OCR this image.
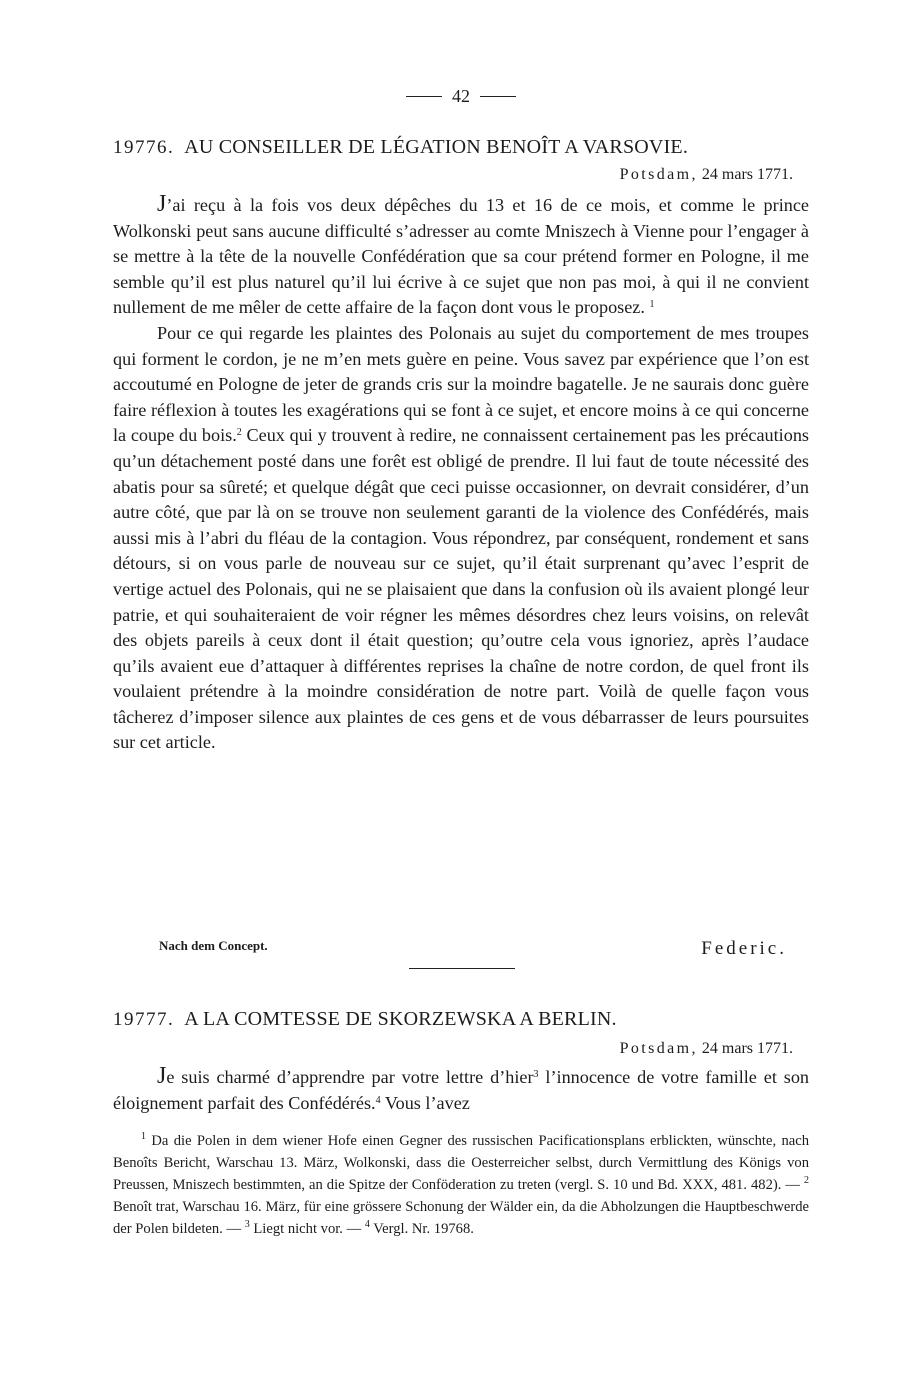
42
19776. AU CONSEILLER DE LÉGATION BENOÎT A VARSOVIE.
Potsdam, 24 mars 1771.

J’ai reçu à la fois vos deux dépêches du 13 et 16 de ce mois, et comme le prince Wolkonski peut sans aucune difficulté s’adresser au comte Mniszech à Vienne pour l’engager à se mettre à la tête de la nouvelle Confédération que sa cour prétend former en Pologne, il me semble qu’il est plus naturel qu’il lui écrive à ce sujet que non pas moi, à qui il ne convient nullement de me mêler de cette affaire de la façon dont vous le proposez. $^1$

Pour ce qui regarde les plaintes des Polonais au sujet du comportement de mes troupes qui forment le cordon, je ne m’en mets guère en peine. Vous savez par expérience que l’on est accoutumé en Pologne de jeter de grands cris sur la moindre bagatelle. Je ne saurais donc guère faire réflexion à toutes les exagérations qui se font à ce sujet, et encore moins à ce qui concerne la coupe du bois.$^2$ Ceux qui y trouvent à redire, ne connaissent certainement pas les précautions qu’un détachement posté dans une forêt est obligé de prendre. Il lui faut de toute nécessité des abatis pour sa sûreté; et quelque dégât que ceci puisse occasionner, on devrait considérer, d’un autre côté, que par là on se trouve non seulement garanti de la violence des Confédérés, mais aussi mis à l’abri du fléau de la contagion. Vous répondrez, par conséquent, rondement et sans détours, si on vous parle de nouveau sur ce sujet, qu’il était surprenant qu’avec l’esprit de vertige actuel des Polonais, qui ne se plaisaient que dans la confusion où ils avaient plongé leur patrie, et qui souhaiteraient de voir régner les mêmes désordres chez leurs voisins, on relevât des objets pareils à ceux dont il était question; qu’outre cela vous ignoriez, après l’audace qu’ils avaient eue d’attaquer à différentes reprises la chaîne de notre cordon, de quel front ils voulaient prétendre à la moindre considération de notre part. Voilà de quelle façon vous tâcherez d’imposer silence aux plaintes de ces gens et de vous débarrasser de leurs poursuites sur cet article.

Nach dem Concept.	Federic.
19777. A LA COMTESSE DE SKORZEWSKA A BERLIN.
Potsdam, 24 mars 1771.

Je suis charmé d’apprendre par votre lettre d’hier$^3$ l’innocence de votre famille et son éloignement parfait des Confédérés.$^4$ Vous l’avez

$^1$ Da die Polen in dem wiener Hofe einen Gegner des russischen Pacificationsplans erblickten, wünschte, nach Benoîts Bericht, Warschau 13. März, Wolkonski, dass die Oesterreicher selbst, durch Vermittlung des Königs von Preussen, Mniszech bestimmten, an die Spitze der Conföderation zu treten (vergl. S. 10 und Bd. XXX, 481. 482). — $^2$ Benoît trat, Warschau 16. März, für eine grössere Schonung der Wälder ein, da die Abholzungen die Hauptbeschwerde der Polen bildeten. — $^3$ Liegt nicht vor. — $^4$ Vergl. Nr. 19768.
